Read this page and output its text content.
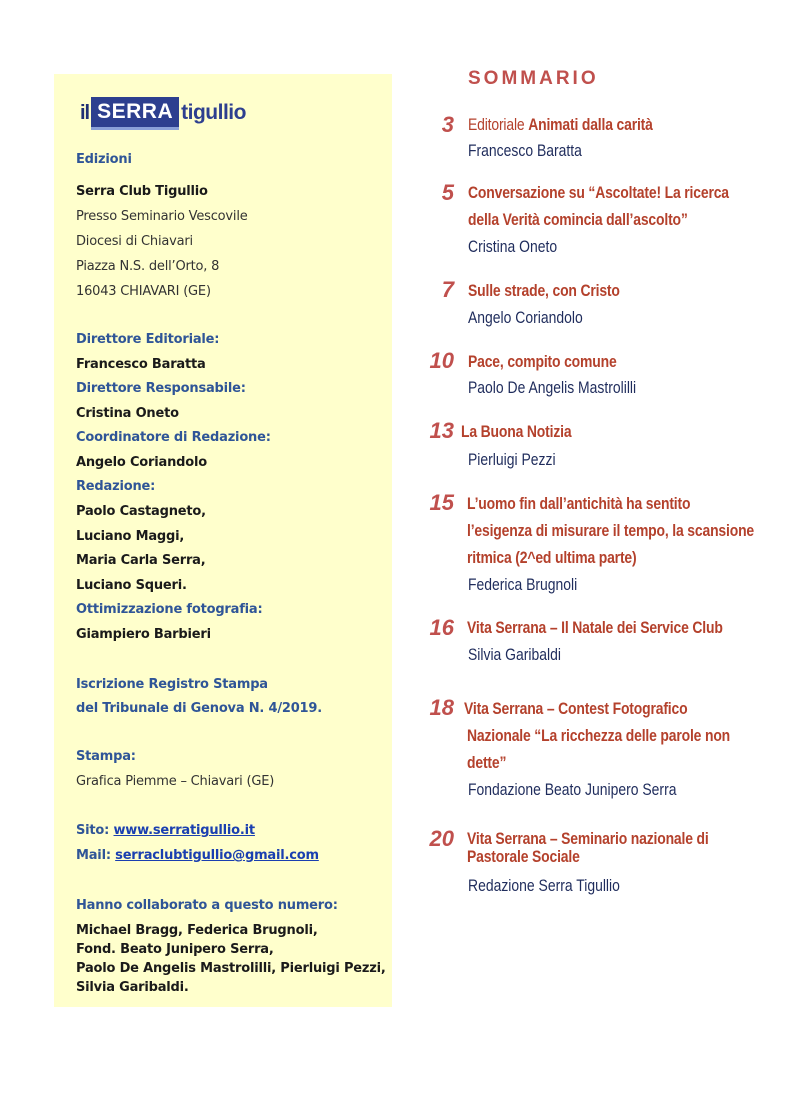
il SERRA tigullio
Edizioni
Serra Club Tigullio
Presso Seminario Vescovile
Diocesi di Chiavari
Piazza N.S. dell’Orto, 8
16043 CHIAVARI (GE)
Direttore Editoriale:
Francesco Baratta
Direttore Responsabile:
Cristina Oneto
Coordinatore di Redazione:
Angelo Coriandolo
Redazione:
Paolo Castagneto,
Luciano Maggi,
Maria Carla Serra,
Luciano Squeri.
Ottimizzazione fotografia:
Giampiero Barbieri
Iscrizione Registro Stampa
del Tribunale di Genova N. 4/2019.
Stampa:
Grafica Piemme – Chiavari (GE)
Sito: www.serratigullio.it
Mail: serraclubtigullio@gmail.com
Hanno collaborato a questo numero:
Michael Bragg, Federica Brugnoli,
Fond. Beato Junipero Serra,
Paolo De Angelis Mastrolilli, Pierluigi Pezzi,
Silvia Garibaldi.
SOMMARIO
3 Editoriale Animati dalla carità
Francesco Baratta
5 Conversazione su “Ascoltate! La ricerca
della Verità comincia dall’ascolto”
Cristina Oneto
7 Sulle strade, con Cristo
Angelo Coriandolo
10 Pace, compito comune
Paolo De Angelis Mastrolilli
13 La Buona Notizia
Pierluigi Pezzi
15 L’uomo fin dall’antichità ha sentito
l’esigenza di misurare il tempo, la scansione
ritmica (2^ed ultima parte)
Federica Brugnoli
16 Vita Serrana – Il Natale dei Service Club
Silvia Garibaldi
18 Vita Serrana – Contest Fotografico
Nazionale “La ricchezza delle parole non
dette”
Fondazione Beato Junipero Serra
20 Vita Serrana – Seminario nazionale di
Pastorale Sociale
Redazione Serra Tigullio
